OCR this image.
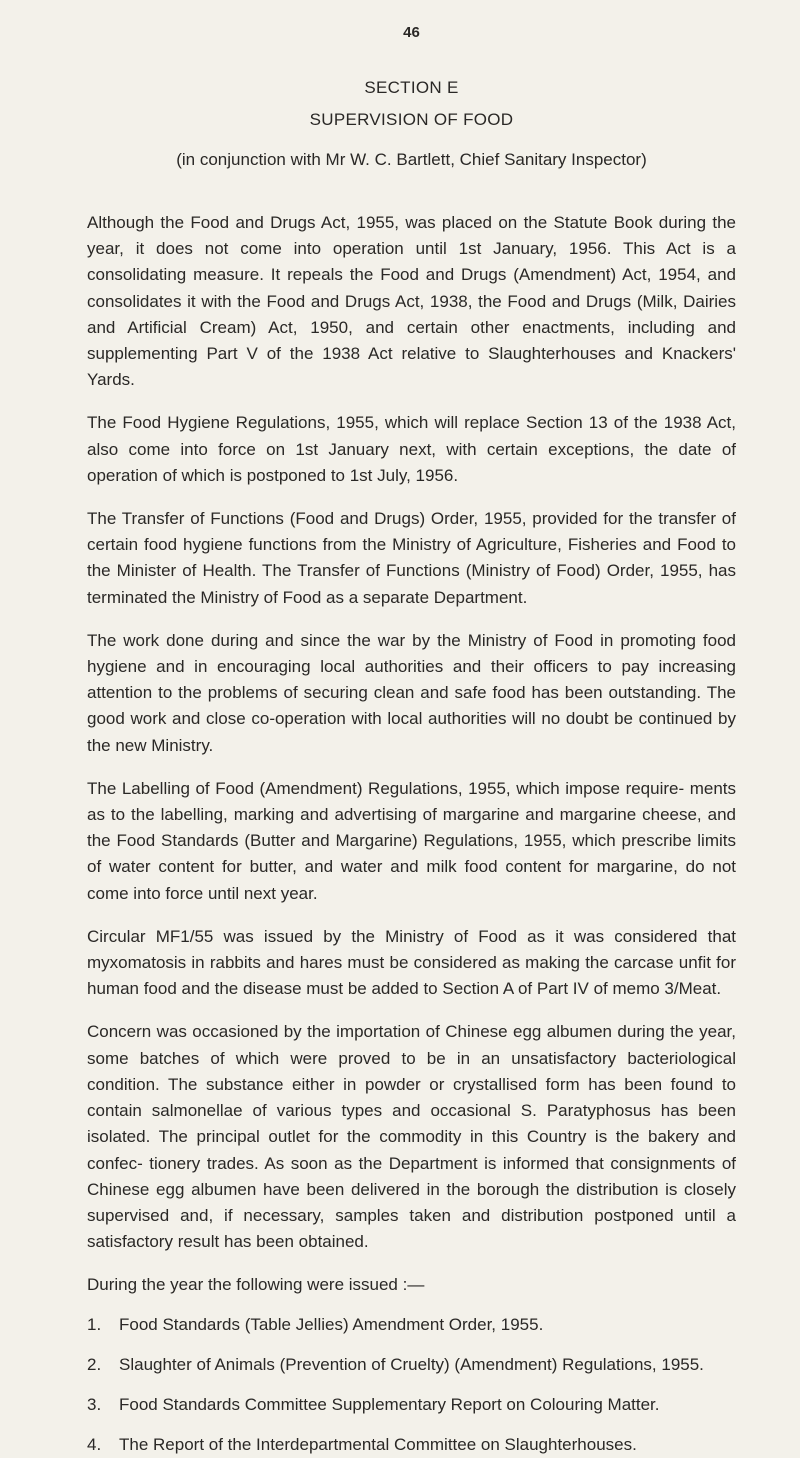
46
SECTION E
SUPERVISION OF FOOD
(in conjunction with Mr W. C. Bartlett, Chief Sanitary Inspector)

Although the Food and Drugs Act, 1955, was placed on the Statute Book during the year, it does not come into operation until 1st January, 1956. This Act is a consolidating measure. It repeals the Food and Drugs (Amendment) Act, 1954, and consolidates it with the Food and Drugs Act, 1938, the Food and Drugs (Milk, Dairies and Artificial Cream) Act, 1950, and certain other enactments, including and supplementing Part V of the 1938 Act relative to Slaughterhouses and Knackers' Yards.

The Food Hygiene Regulations, 1955, which will replace Section 13 of the 1938 Act, also come into force on 1st January next, with certain exceptions, the date of operation of which is postponed to 1st July, 1956.

The Transfer of Functions (Food and Drugs) Order, 1955, provided for the transfer of certain food hygiene functions from the Ministry of Agriculture, Fisheries and Food to the Minister of Health. The Transfer of Functions (Ministry of Food) Order, 1955, has terminated the Ministry of Food as a separate Department.

The work done during and since the war by the Ministry of Food in promoting food hygiene and in encouraging local authorities and their officers to pay increasing attention to the problems of securing clean and safe food has been outstanding. The good work and close co-operation with local authorities will no doubt be continued by the new Ministry.

The Labelling of Food (Amendment) Regulations, 1955, which impose require- ments as to the labelling, marking and advertising of margarine and margarine cheese, and the Food Standards (Butter and Margarine) Regulations, 1955, which prescribe limits of water content for butter, and water and milk food content for margarine, do not come into force until next year.

Circular MF1/55 was issued by the Ministry of Food as it was considered that myxomatosis in rabbits and hares must be considered as making the carcase unfit for human food and the disease must be added to Section A of Part IV of memo 3/Meat.

Concern was occasioned by the importation of Chinese egg albumen during the year, some batches of which were proved to be in an unsatisfactory bacteriological condition. The substance either in powder or crystallised form has been found to contain salmonellae of various types and occasional S. Paratyphosus has been isolated. The principal outlet for the commodity in this Country is the bakery and confec- tionery trades. As soon as the Department is informed that consignments of Chinese egg albumen have been delivered in the borough the distribution is closely supervised and, if necessary, samples taken and distribution postponed until a satisfactory result has been obtained.

During the year the following were issued :—

1.	Food Standards (Table Jellies) Amendment Order, 1955.
2.	Slaughter of Animals (Prevention of Cruelty) (Amendment) Regulations, 1955.
3.	Food Standards Committee Supplementary Report on Colouring Matter.
4.	The Report of the Interdepartmental Committee on Slaughterhouses.
